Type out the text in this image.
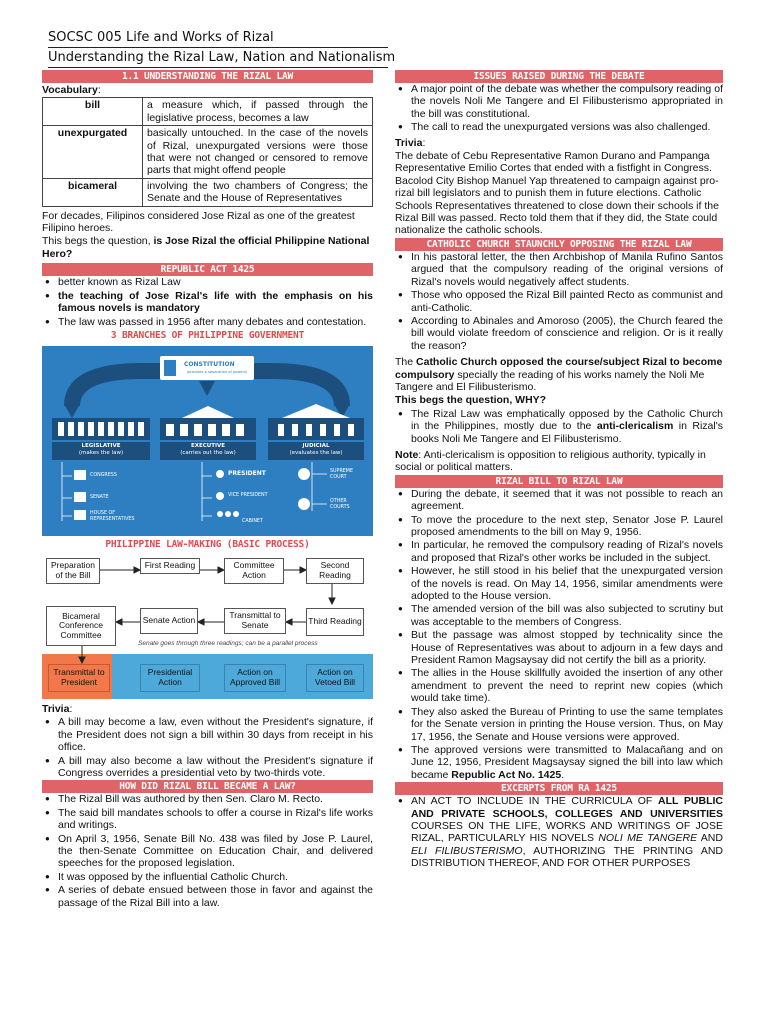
SOCSC 005 Life and Works of Rizal
Understanding the Rizal Law, Nation and Nationalism
1.1 UNDERSTANDING THE RIZAL LAW

Vocabulary:

bill	a measure which, if passed through the legislative process, becomes a law
unexpurgated	basically untouched. In the case of the novels of Rizal, unexpurgated versions were those that were not changed or censored to remove parts that might offend people
bicameral	involving the two chambers of Congress; the Senate and the House of Representatives

For decades, Filipinos considered Jose Rizal as one of the greatest Filipino heroes.

This begs the question, is Jose Rizal the official Philippine National Hero?

REPUBLIC ACT 1425
● better known as Rizal Law
● the teaching of Jose Rizal's life with the emphasis on his famous novels is mandatory
● The law was passed in 1956 after many debates and contestation.
3 BRANCHES OF PHILIPPINE GOVERNMENT
CONSTITUTION
(provides a separation of powers)
LEGISLATIVE
(makes the law)
EXECUTIVE
(carries out the law)
JUDICIAL
(evaluates the law)
CONGRESS
SENATE
HOUSE OF REPRESENTATIVES
PRESIDENT
VICE PRESIDENT
CABINET
SUPREME COURT
OTHER COURTS
PHILIPPINE LAW-MAKING (BASIC PROCESS)
Preparation of the Bill
First Reading	Committee Action
Second Reading
Third Reading
Transmittal to Senate
Senate Action
Bicameral Conference Committee
Senate goes through three readings; can be a parallel process
Transmittal to President
Presidential Action
Action on Approved Bill
Action on Vetoed Bill

Trivia:

● A bill may become a law, even without the President's signature, if the President does not sign a bill within 30 days from receipt in his office.
● A bill may also become a law without the President's signature if Congress overrides a presidential veto by two-thirds vote.
HOW DID RIZAL BILL BECAME A LAW?
● The Rizal Bill was authored by then Sen. Claro M. Recto.
● The said bill mandates schools to offer a course in Rizal's life works and writings.
● On April 3, 1956, Senate Bill No. 438 was filed by Jose P. Laurel, the then-Senate Committee on Education Chair, and delivered speeches for the proposed legislation.
● It was opposed by the influential Catholic Church.
● A series of debate ensued between those in favor and against the passage of the Rizal Bill into a law.
ISSUES RAISED DURING THE DEBATE
● A major point of the debate was whether the compulsory reading of the novels Noli Me Tangere and El Filibusterismo appropriated in the bill was constitutional.
● The call to read the unexpurgated versions was also challenged.

Trivia:

The debate of Cebu Representative Ramon Durano and Pampanga Representative Emilio Cortes that ended with a fistfight in Congress. Bacolod City Bishop Manuel Yap threatened to campaign against pro-rizal bill legislators and to punish them in future elections. Catholic Schools Representatives threatened to close down their schools if the Rizal Bill was passed. Recto told them that if they did, the State could nationalize the catholic schools.

CATHOLIC CHURCH STAUNCHLY OPPOSING THE RIZAL LAW
● In his pastoral letter, the then Archbishop of Manila Rufino Santos argued that the compulsory reading of the original versions of Rizal's novels would negatively affect students.
● Those who opposed the Rizal Bill painted Recto as communist and anti-Catholic.
● According to Abinales and Amoroso (2005), the Church feared the bill would violate freedom of conscience and religion. Or is it really the reason?

The Catholic Church opposed the course/subject Rizal to become compulsory specially the reading of his works namely the Noli Me Tangere and El Filibusterismo.

This begs the question, WHY?

● The Rizal Law was emphatically opposed by the Catholic Church in the Philippines, mostly due to the anti-clericalism in Rizal's books Noli Me Tangere and El Filibusterismo.

Note: Anti-clericalism is opposition to religious authority, typically in social or political matters.

RIZAL BILL TO RIZAL LAW
● During the debate, it seemed that it was not possible to reach an agreement.
● To move the procedure to the next step, Senator Jose P. Laurel proposed amendments to the bill on May 9, 1956.
● In particular, he removed the compulsory reading of Rizal's novels and proposed that Rizal's other works be included in the subject.
● However, he still stood in his belief that the unexpurgated version of the novels is read. On May 14, 1956, similar amendments were adopted to the House version.
● The amended version of the bill was also subjected to scrutiny but was acceptable to the members of Congress.
● But the passage was almost stopped by technicality since the House of Representatives was about to adjourn in a few days and President Ramon Magsaysay did not certify the bill as a priority.
● The allies in the House skillfully avoided the insertion of any other amendment to prevent the need to reprint new copies (which would take time).
● They also asked the Bureau of Printing to use the same templates for the Senate version in printing the House version. Thus, on May 17, 1956, the Senate and House versions were approved.
● The approved versions were transmitted to Malacañang and on June 12, 1956, President Magsaysay signed the bill into law which became Republic Act No. 1425.
EXCERPTS FROM RA 1425
● AN ACT TO INCLUDE IN THE CURRICULA OF ALL PUBLIC AND PRIVATE SCHOOLS, COLLEGES AND UNIVERSITIES COURSES ON THE LIFE, WORKS AND WRITINGS OF JOSE RIZAL, PARTICULARLY HIS NOVELS NOLI ME TANGERE AND ELI FILIBUSTERISMO, AUTHORIZING THE PRINTING AND DISTRIBUTION THEREOF, AND FOR OTHER PURPOSES
